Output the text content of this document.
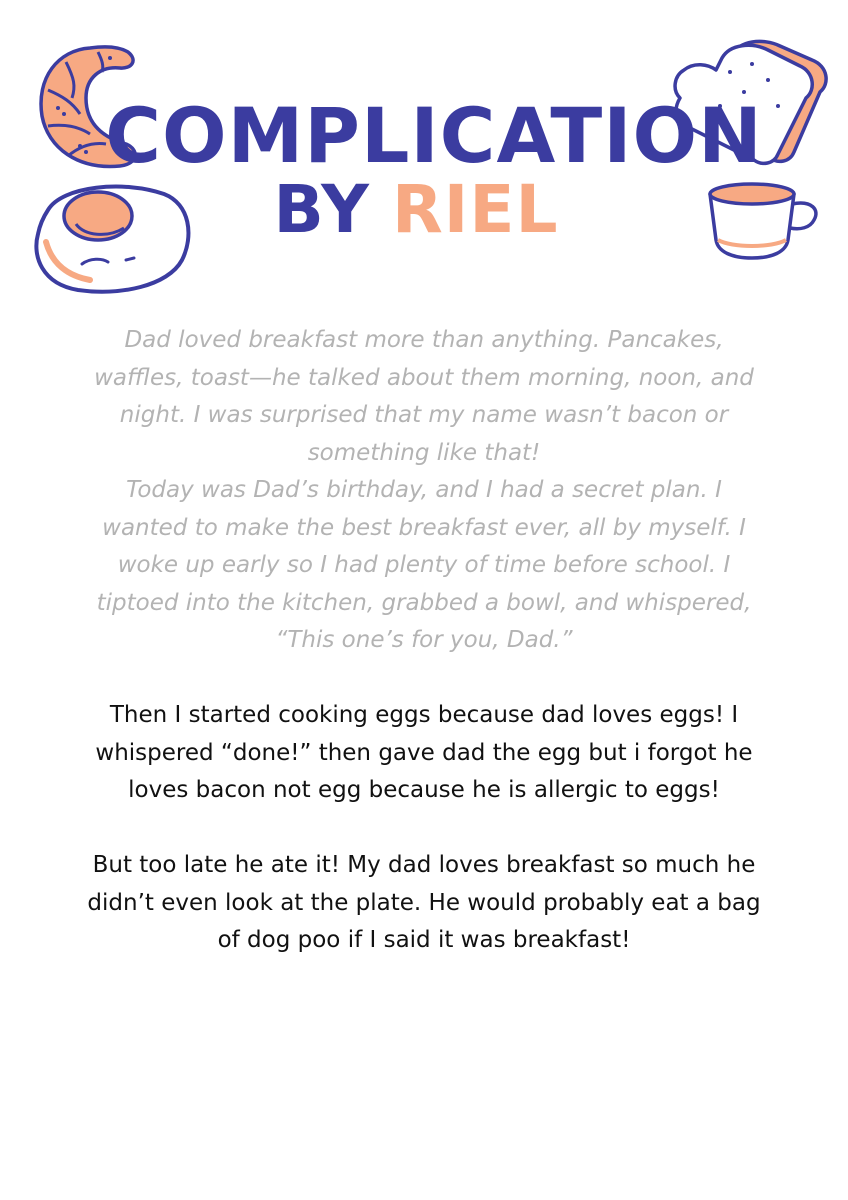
COMPLICATION
BY RIEL

Dad loved breakfast more than anything. Pancakes, waffles, toast—he talked about them morning, noon, and night. I was surprised that my name wasn’t bacon or something like that!

Today was Dad’s birthday, and I had a secret plan. I wanted to make the best breakfast ever, all by myself. I woke up early so I had plenty of time before school. I tiptoed into the kitchen, grabbed a bowl, and whispered, “This one’s for you, Dad.”

Then I started cooking eggs because dad loves eggs! I whispered “done!” then gave dad the egg but i forgot he loves bacon not egg because he is allergic to eggs!

But too late he ate it! My dad loves breakfast so much he didn’t even look at the plate. He would probably eat a bag of dog poo if I said it was breakfast!
